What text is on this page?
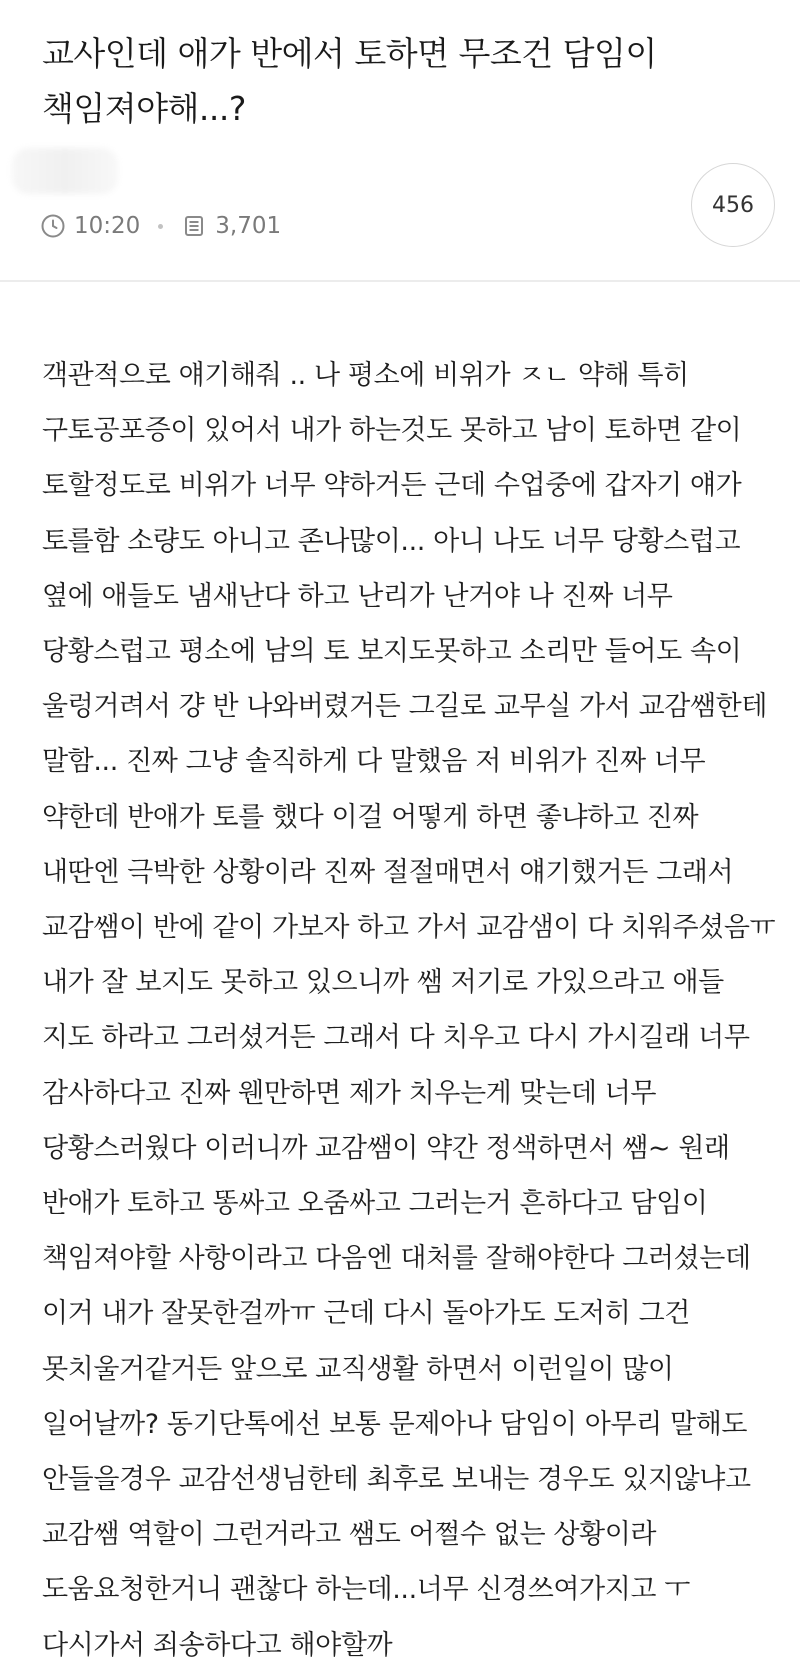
교사인데 애가 반에서 토하면 무조건 담임이 책임져야해...?
10:20	3,701
456

객관적으로 얘기해줘 .. 나 평소에 비위가 ㅈㄴ 약해 특히 구토공포증이 있어서 내가 하는것도 못하고 남이 토하면 같이 토할정도로 비위가 너무 약하거든 근데 수업중에 갑자기 얘가 토를함 소량도 아니고 존나많이... 아니 나도 너무 당황스럽고 옆에 애들도 냄새난다 하고 난리가 난거야 나 진짜 너무 당황스럽고 평소에 남의 토 보지도못하고 소리만 들어도 속이 울렁거려서 걍 반 나와버렸거든 그길로 교무실 가서 교감쌤한테 말함... 진짜 그냥 솔직하게 다 말했음 저 비위가 진짜 너무 약한데 반애가 토를 했다 이걸 어떻게 하면 좋냐하고 진짜 내딴엔 극박한 상황이라 진짜 절절매면서 얘기했거든 그래서 교감쌤이 반에 같이 가보자 하고 가서 교감샘이 다 치워주셨음ㅠ 내가 잘 보지도 못하고 있으니까 쌤 저기로 가있으라고 애들 지도 하라고 그러셨거든 그래서 다 치우고 다시 가시길래 너무 감사하다고 진짜 웬만하면 제가 치우는게 맞는데 너무 당황스러웠다 이러니까 교감쌤이 약간 정색하면서 쌤~ 원래 반애가 토하고 똥싸고 오줌싸고 그러는거 흔하다고 담임이 책임져야할 사항이라고 다음엔 대처를 잘해야한다 그러셨는데 이거 내가 잘못한걸까ㅠ 근데 다시 돌아가도 도저히 그건 못치울거같거든 앞으로 교직생활 하면서 이런일이 많이 일어날까? 동기단톡에선 보통 문제아나 담임이 아무리 말해도 안들을경우 교감선생님한테 최후로 보내는 경우도 있지않냐고 교감쌤 역할이 그런거라고 쌤도 어쩔수 없는 상황이라 도움요청한거니 괜찮다 하는데...너무 신경쓰여가지고 ㅜ 다시가서 죄송하다고 해야할까
